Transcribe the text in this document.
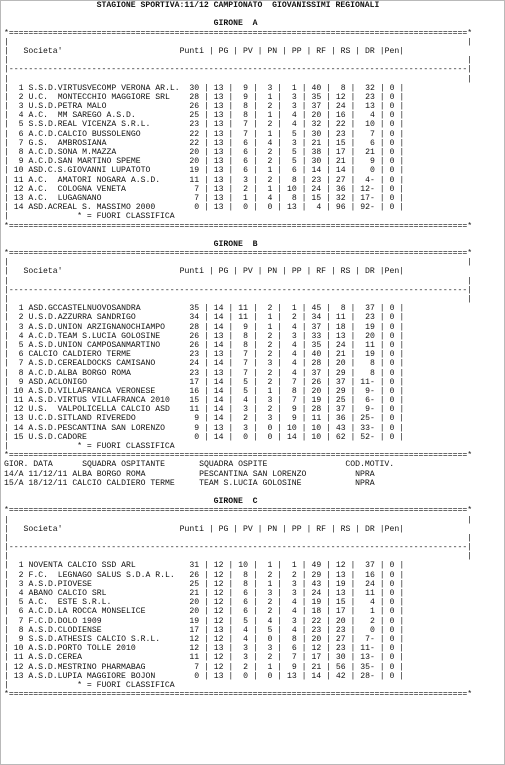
STAGIONE SPORTIVA:11/12 CAMPIONATO  GIOVANISSIMI REGIONALI

GIRONE  A
*==============================================================================================*
|                                                                                              |
|   Societa'	Punti | PG | PV | PN | PP | RF | RS | DR |Pen|
|                                                                                              |
|----------------------------------------------------------------------------------------------|
|                                                                                              |
|  1 S.S.D.VIRTUSVECOMP VERONA AR.L. 30 | 13 |  9 |  3 |  1 | 40 |  8 |  32 | 0 |
|  2 U.C.  MONTECCHIO MAGGIORE SRL 28 | 13 |  9 |  1 |  3 | 35 | 12 |  23 | 0 |
|  3 U.S.D.PETRA MALO	26 | 13 |  8 |  2 |  3 | 37 | 24 |  13 | 0 |
|  4 A.C.  MM SAREGO A.S.D.	25 | 13 |  8 |  1 |  4 | 20 | 16 |   4 | 0 |
|  5 S.S.D.REAL VICENZA S.R.L.	23 | 13 |  7 |  2 |  4 | 32 | 22 |  10 | 0 |
|  6 A.C.D.CALCIO BUSSOLENGO	22 | 13 |  7 |  1 |  5 | 30 | 23 |   7 | 0 |
|  7 G.S.  AMBROSIANA	22 | 13 |  6 |  4 |  3 | 21 | 15 |   6 | 0 |
|  8 A.C.D.SONA M.MAZZA	20 | 13 |  6 |  2 |  5 | 38 | 17 |  21 | 0 |
|  9 A.C.D.SAN MARTINO SPEME	20 | 13 |  6 |  2 |  5 | 30 | 21 |   9 | 0 |
| 10 ASD.C.S.GIOVANNI LUPATOTO	19 | 13 |  6 |  1 |  6 | 14 | 14 |   0 | 0 |
| 11 A.C.  AMATORI NOGARA A.S.D.	11 | 13 |  3 |  2 |  8 | 23 | 27 |  4- | 0 |
| 12 A.C.  COLOGNA VENETA	7 | 13 |  2 |  1 | 10 | 24 | 36 | 12- | 0 |
| 13 A.C.  LUGAGNANO	7 | 13 |  1 |  4 |  8 | 15 | 32 | 17- | 0 |
| 14 ASD.ACREAL S. MASSIMO 2000	0 | 13 |  0 |  0 | 13 |  4 | 96 | 92- | 0 |
|	* = FUORI CLASSIFICA
*==============================================================================================*

GIRONE  B
*==============================================================================================*
|                                                                                              |
|   Societa'	Punti | PG | PV | PN | PP | RF | RS | DR |Pen|
|                                                                                              |
|----------------------------------------------------------------------------------------------|
|                                                                                              |
|  1 ASD.GCCASTELNUOVOSANDRA	35 | 14 | 11 |  2 |  1 | 45 |  8 |  37 | 0 |
|  2 U.S.D.AZZURRA SANDRIGO	34 | 14 | 11 |  1 |  2 | 34 | 11 |  23 | 0 |
|  3 A.S.D.UNION ARZIGNANOCHIAMPO	28 | 14 |  9 |  1 |  4 | 37 | 18 |  19 | 0 |
|  4 A.C.D.TEAM S.LUCIA GOLOSINE	26 | 13 |  8 |  2 |  3 | 33 | 13 |  20 | 0 |
|  5 A.S.D.UNION CAMPOSANMARTINO	26 | 14 |  8 |  2 |  4 | 35 | 24 |  11 | 0 |
|  6 CALCIO CALDIERO TERME	23 | 13 |  7 |  2 |  4 | 40 | 21 |  19 | 0 |
|  7 A.S.D.CEREALDOCKS CAMISANO	24 | 14 |  7 |  3 |  4 | 28 | 20 |   8 | 0 |
|  8 A.C.D.ALBA BORGO ROMA	23 | 13 |  7 |  2 |  4 | 37 | 29 |   8 | 0 |
|  9 ASD.ACLONIGO	17 | 14 |  5 |  2 |  7 | 26 | 37 | 11- | 0 |
| 10 A.S.D.VILLAFRANCA VERONESE	16 | 14 |  5 |  1 |  8 | 20 | 29 |  9- | 0 |
| 11 A.S.D.VIRTUS VILLAFRANCA 2010 15 | 14 |  4 |  3 |  7 | 19 | 25 |  6- | 0 |
| 12 U.S.  VALPOLICELLA CALCIO ASD 11 | 14 |  3 |  2 |  9 | 28 | 37 |  9- | 0 |
| 13 U.C.D.SITLAND RIVEREDO	9 | 14 |  2 |  3 |  9 | 11 | 36 | 25- | 0 |
| 14 A.S.D.PESCANTINA SAN LORENZO	9 | 13 |  3 |  0 | 10 | 10 | 43 | 33- | 0 |
| 15 U.S.D.CADORE	0 | 14 |  0 |  0 | 14 | 10 | 62 | 52- | 0 |
|	* = FUORI CLASSIFICA
*==============================================================================================*
GIOR. DATA	SQUADRA OSPITANTE	SQUADRA OSPITE	COD.MOTIV.
14/A 11/12/11 ALBA BORGO ROMA	PESCANTINA SAN LORENZO	NPRA
15/A 18/12/11 CALCIO CALDIERO TERME	TEAM S.LUCIA GOLOSINE	NPRA

GIRONE  C
*==============================================================================================*
|                                                                                              |
|   Societa'	Punti | PG | PV | PN | PP | RF | RS | DR |Pen|
|                                                                                              |
|----------------------------------------------------------------------------------------------|
|                                                                                              |
|  1 NOVENTA CALCIO SSD ARL	31 | 12 | 10 |  1 |  1 | 49 | 12 |  37 | 0 |
|  2 F.C.  LEGNAGO SALUS S.D.A R.L. 26 | 12 |  8 |  2 |  2 | 29 | 13 |  16 | 0 |
|  3 A.S.D.PIOVESE	25 | 12 |  8 |  1 |  3 | 43 | 19 |  24 | 0 |
|  4 ABANO CALCIO SRL	21 | 12 |  6 |  3 |  3 | 24 | 13 |  11 | 0 |
|  5 A.C.  ESTE S.R.L.	20 | 12 |  6 |  2 |  4 | 19 | 15 |   4 | 0 |
|  6 A.C.D.LA ROCCA MONSELICE	20 | 12 |  6 |  2 |  4 | 18 | 17 |   1 | 0 |
|  7 F.C.D.DOLO 1909	19 | 12 |  5 |  4 |  3 | 22 | 20 |   2 | 0 |
|  8 A.S.D.CLODIENSE	17 | 13 |  4 |  5 |  4 | 23 | 23 |   0 | 0 |
|  9 S.S.D.ATHESIS CALCIO S.R.L.	12 | 12 |  4 |  0 |  8 | 20 | 27 |  7- | 0 |
| 10 A.S.D.PORTO TOLLE 2010	12 | 13 |  3 |  3 |  6 | 12 | 23 | 11- | 0 |
| 11 A.S.D.CEREA	11 | 12 |  3 |  2 |  7 | 17 | 30 | 13- | 0 |
| 12 A.S.D.MESTRINO PHARMABAG	7 | 12 |  2 |  1 |  9 | 21 | 56 | 35- | 0 |
| 13 A.S.D.LUPIA MAGGIORE BOJON	0 | 13 |  0 |  0 | 13 | 14 | 42 | 28- | 0 |
|	* = FUORI CLASSIFICA
*==============================================================================================*
